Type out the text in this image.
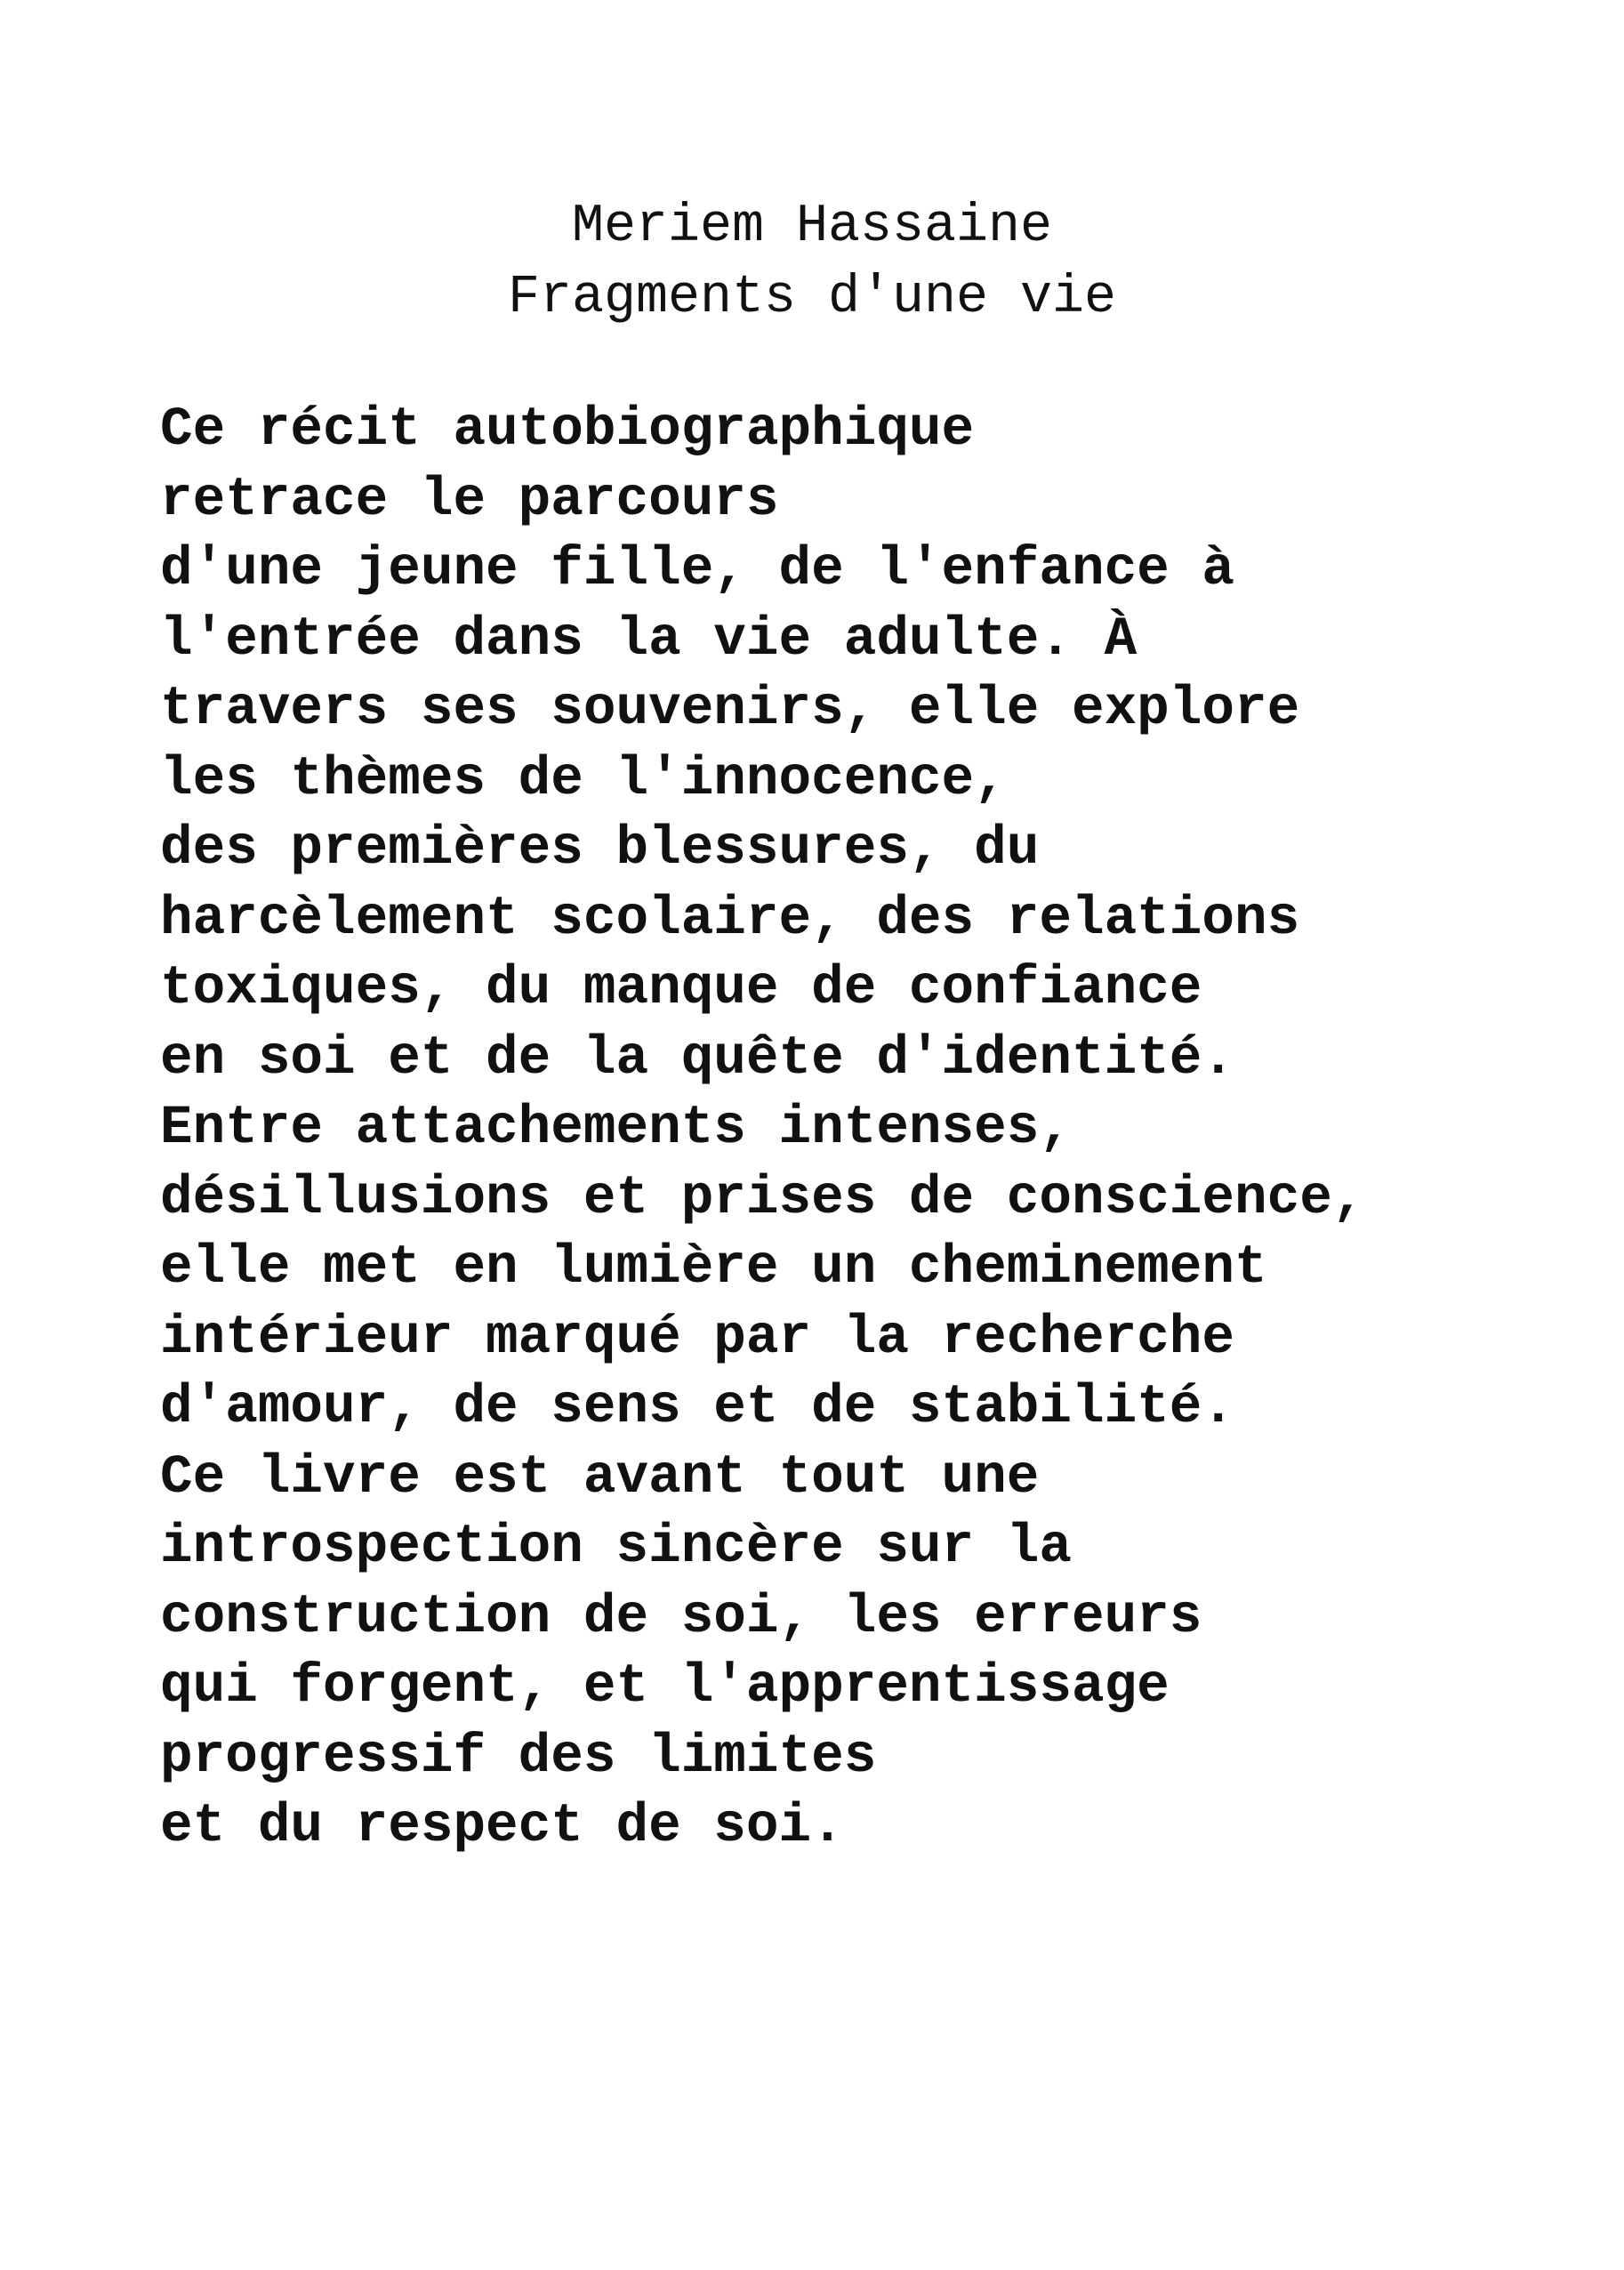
Meriem Hassaine
Fragments d'une vie
Ce récit autobiographique
retrace le parcours
d'une jeune fille, de l'enfance à
l'entrée dans la vie adulte. À
travers ses souvenirs, elle explore
les thèmes de l'innocence,
des premières blessures, du
harcèlement scolaire, des relations
toxiques, du manque de confiance
en soi et de la quête d'identité.
Entre attachements intenses,
désillusions et prises de conscience,
elle met en lumière un cheminement
intérieur marqué par la recherche
d'amour, de sens et de stabilité.
Ce livre est avant tout une
introspection sincère sur la
construction de soi, les erreurs
qui forgent, et l'apprentissage
progressif des limites
et du respect de soi.
